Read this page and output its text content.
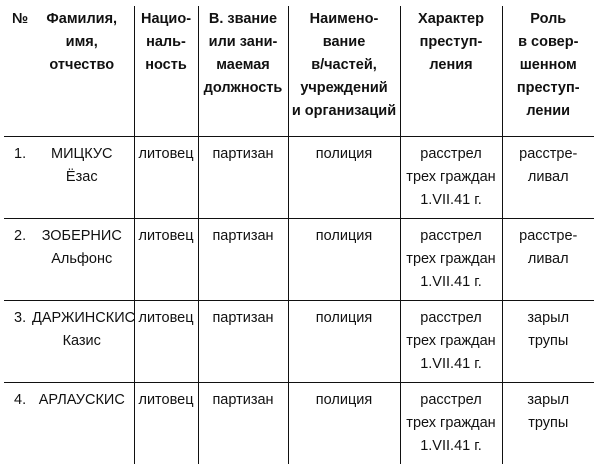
№	Фамилия,
имя,
отчество	Нацио-
наль-
ность	В. звание
или зани-
маемая
должность	Наимено-
вание
в/частей,
учреждений
и организаций	Характер
преступ-
ления	Роль
в совер-
шенном
преступ-
лении

1.	МИЦКУС
Ёзас	литовец	партизан	полиция	расстрел
трех граждан
1.VII.41 г.	расстре-
ливал

2.	ЗОБЕРНИС
Альфонс	литовец	партизан	полиция	расстрел
трех граждан
1.VII.41 г.	расстре-
ливал

3.	ДАРЖИНСКИС
Казис	литовец	партизан	полиция	расстрел
трех граждан
1.VII.41 г.	зарыл
трупы

4.	АРЛАУСКИС	литовец	партизан	полиция	расстрел
трех граждан
1.VII.41 г.	зарыл
трупы
